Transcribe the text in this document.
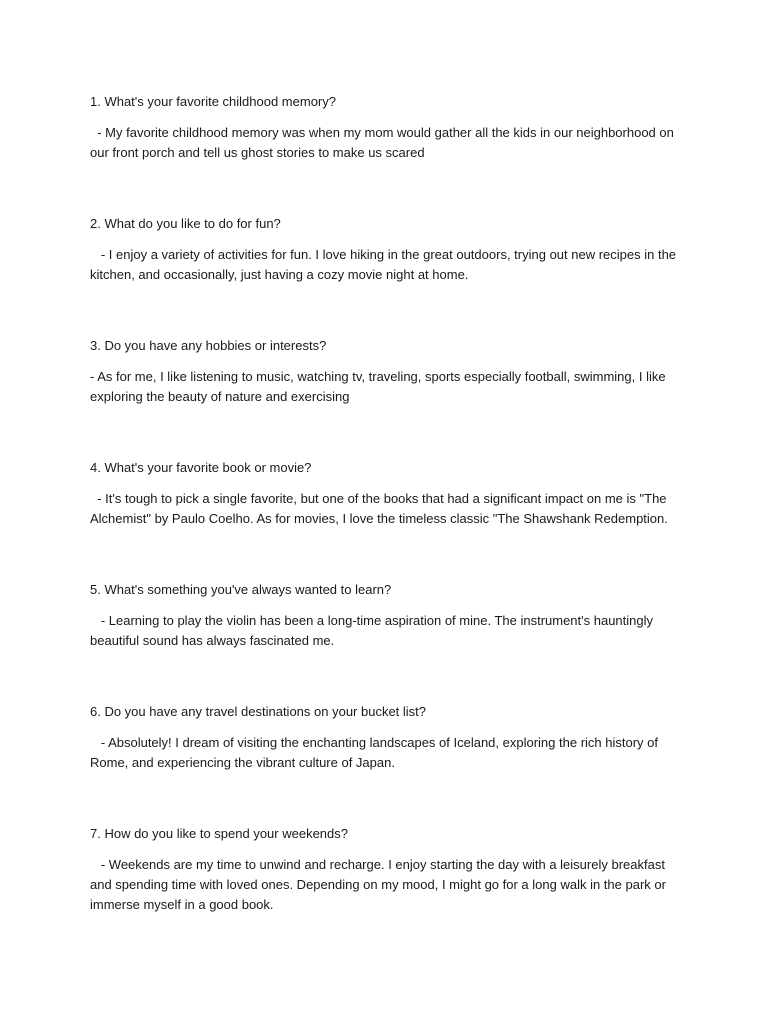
1. What's your favorite childhood memory?

- My favorite childhood memory was when my mom would gather all the kids in our neighborhood on our front porch and tell us ghost stories to make us scared

2. What do you like to do for fun?

- I enjoy a variety of activities for fun. I love hiking in the great outdoors, trying out new recipes in the kitchen, and occasionally, just having a cozy movie night at home.

3. Do you have any hobbies or interests?

- As for me, I like listening to music, watching tv, traveling, sports especially football, swimming, I like exploring the beauty of nature and exercising

4. What's your favorite book or movie?

- It's tough to pick a single favorite, but one of the books that had a significant impact on me is "The Alchemist" by Paulo Coelho. As for movies, I love the timeless classic "The Shawshank Redemption.

5. What's something you've always wanted to learn?

- Learning to play the violin has been a long-time aspiration of mine. The instrument's hauntingly beautiful sound has always fascinated me.

6. Do you have any travel destinations on your bucket list?

- Absolutely! I dream of visiting the enchanting landscapes of Iceland, exploring the rich history of Rome, and experiencing the vibrant culture of Japan.

7. How do you like to spend your weekends?

- Weekends are my time to unwind and recharge. I enjoy starting the day with a leisurely breakfast and spending time with loved ones. Depending on my mood, I might go for a long walk in the park or immerse myself in a good book.
